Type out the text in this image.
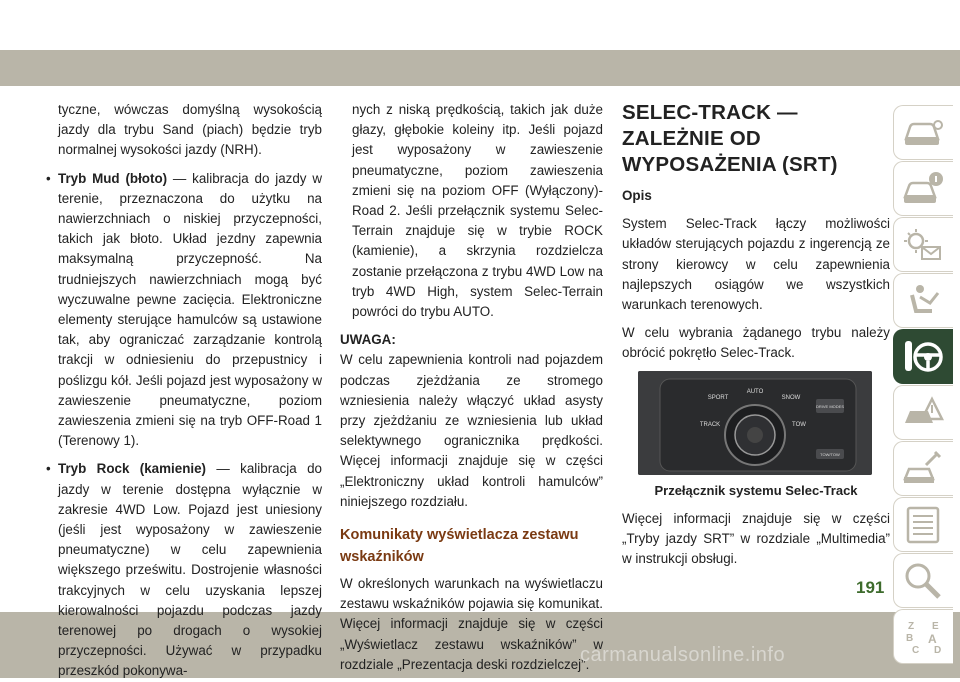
tyczne, wówczas domyślną wysokością jazdy dla trybu Sand (piach) będzie tryb normalnej wysokości jazdy (NRH).

• Tryb Mud (błoto) — kalibracja do jazdy w terenie, przeznaczona do użytku na nawierzchniach o niskiej przyczepności, takich jak błoto. Układ jezdny zapewnia maksymalną przyczepność. Na trudniejszych nawierzchniach mogą być wyczuwalne pewne zacięcia. Elektroniczne elementy sterujące hamulców są ustawione tak, aby ograniczać zarządzanie kontrolą trakcji w odniesieniu do przepustnicy i poślizgu kół. Jeśli pojazd jest wyposażony w zawieszenie pneumatyczne, poziom zawieszenia zmieni się na tryb OFF-Road 1 (Terenowy 1).

• Tryb Rock (kamienie) — kalibracja do jazdy w terenie dostępna wyłącznie w zakresie 4WD Low. Pojazd jest uniesiony (jeśli jest wyposażony w zawieszenie pneumatyczne) w celu zapewnienia większego prześwitu. Dostrojenie własności trakcyjnych w celu uzyskania lepszej kierowalności pojazdu podczas jazdy terenowej po drogach o wysokiej przyczepności. Używać w przypadku przeszkód pokonywa-

nych z niską prędkością, takich jak duże głazy, głębokie koleiny itp. Jeśli pojazd jest wyposażony w zawieszenie pneumatyczne, poziom zawieszenia zmieni się na poziom OFF (Wyłączony)-Road 2. Jeśli przełącznik systemu Selec-Terrain znajduje się w trybie ROCK (kamienie), a skrzynia rozdzielcza zostanie przełączona z trybu 4WD Low na tryb 4WD High, system Selec-Terrain powróci do trybu AUTO.

UWAGA:

W celu zapewnienia kontroli nad pojazdem podczas zjeżdżania ze stromego wzniesienia należy włączyć układ asysty przy zjeżdżaniu ze wzniesienia lub układ selektywnego ogranicznika prędkości. Więcej informacji znajduje się w części „Elektroniczny układ kontroli hamulców” niniejszego rozdziału.

Komunikaty wyświetlacza zestawu wskaźników

W określonych warunkach na wyświetlaczu zestawu wskaźników pojawia się komunikat. Więcej informacji znajduje się w części „Wyświetlacz zestawu wskaźników” w rozdziale „Prezentacja deski rozdzielczej”.

SELEC-TRACK — ZALEŻNIE OD WYPOSAŻENIA (SRT)

Opis

System Selec-Track łączy możliwości układów sterujących pojazdu z ingerencją ze strony kierowcy w celu zapewnienia najlepszych osiągów we wszystkich warunkach terenowych.

W celu wybrania żądanego trybu należy obrócić pokrętło Selec-Track.

AUTO
SPORT	SNOW
TRACK	TOW
DRIVE MODES
TOW/TOW

Przełącznik systemu Selec-Track

Więcej informacji znajduje się w części „Tryby jazdy SRT” w rozdziale „Multimedia” w instrukcji obsługi.

Z E
B A
C D
191
carmanualsonline.info
